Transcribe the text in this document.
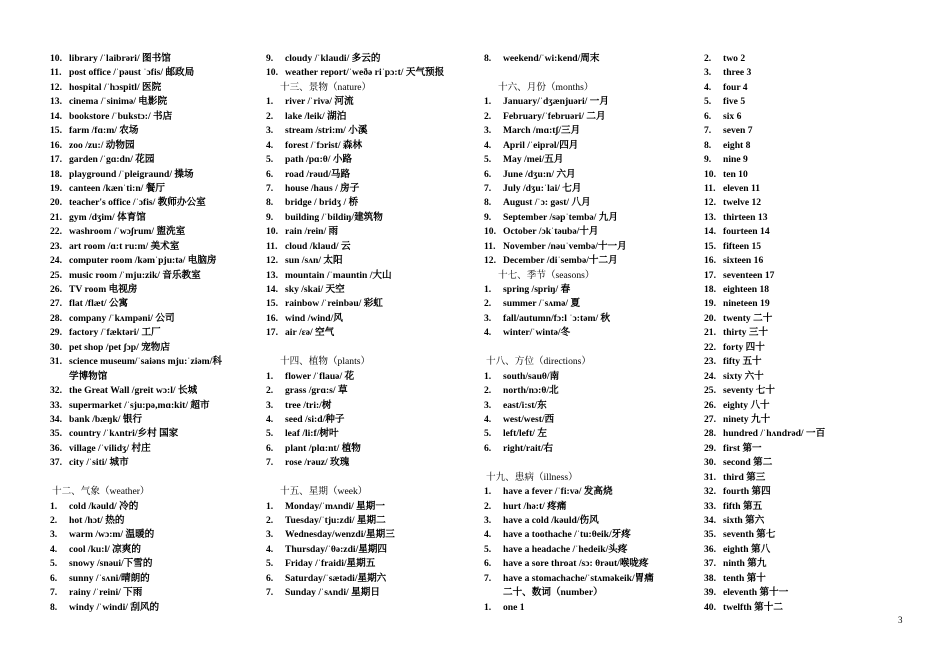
10. library /ˈlaibrəri/ 图书馆
11. post office /ˈpəust ˈɔfis/ 邮政局
12. hospital /ˈhɔspitl/ 医院
13. cinema /ˈsinimə/ 电影院
14. bookstore /ˈbukstɔ:/ 书店
15. farm /fɑ:m/ 农场
16. zoo /zu:/ 动物园
17. garden /ˈgɑ:dn/ 花园
18. playground /ˈpleigraund/ 操场
19. canteen /kænˈti:n/ 餐厅
20. teacher's office /ˈɔfis/ 教师办公室
21. gym /dʒim/ 体育馆
22. washroom /ˈwɔʃrum/ 盥洗室
23. art room /ɑ:t ru:m/ 美术室
24. computer room /kəmˈpju:tə/ 电脑房
25. music room /ˈmju:zik/ 音乐教室
26. TV room 电视房
27. flat /flæt/ 公寓
28. company /ˈkʌmpəni/ 公司
29. factory /ˈfæktəri/ 工厂
30. pet shop /pet ʃɔp/ 宠物店
31. science museum/ˈsaiəns mju:ˈziəm/科
学博物馆
32. the Great Wall /greit wɔ:l/ 长城
33. supermarket /ˈsju:pə,mɑ:kit/ 超市
34. bank /bæŋk/ 银行
35. country /ˈkʌntri/乡村 国家
36. village /ˈvilidʒ/ 村庄
37. city /ˈsiti/ 城市
十二、气象（weather）
1. cold /kəuld/ 冷的
2. hot /hɔt/ 热的
3. warm /wɔ:m/ 温暖的
4. cool /ku:l/ 凉爽的
5. snowy /snəui/下雪的
6. sunny /ˈsʌni/晴朗的
7. rainy /ˈreini/ 下雨
8. windy /ˈwindi/ 刮风的
9. cloudy /ˈklaudi/ 多云的
10. weather report/ˈweðə riˈpɔ:t/ 天气预报
十三、景物（nature）
1. river /ˈrivə/ 河流
2. lake /leik/ 湖泊
3. stream /stri:m/ 小溪
4. forest /ˈfɔrist/ 森林
5. path /pɑ:θ/ 小路
6. road /rəud/马路
7. house /haus / 房子
8. bridge / bridʒ / 桥
9. building /ˈbildiŋ/建筑物
10. rain /rein/ 雨
11. cloud /klaud/ 云
12. sun /sʌn/ 太阳
13. mountain /ˈmauntin /大山
14. sky /skai/ 天空
15. rainbow /ˈreinbəu/ 彩虹
16. wind /wind/风
17. air /ɛə/ 空气
十四、植物（plants）
1. flower /ˈflauə/ 花
2. grass /grɑ:s/ 草
3. tree /tri:/树
4. seed /si:d/种子
5. leaf /li:f/树叶
6. plant /plɑ:nt/ 植物
7. rose /rəuz/ 玫瑰
十五、星期（week）
1. Monday/ˈmʌndi/ 星期一
2. Tuesday/ˈtju:zdi/ 星期二
3. Wednesday/wenzdi/星期三
4. Thursday/ˈθə:zdi/星期四
5. Friday /ˈfraidi/星期五
6. Saturday/ˈsætədi/星期六
7. Sunday /ˈsʌndi/ 星期日
8. weekend/ˈwi:kend/周末
十六、月份（months）
1. January/ˈdʒænjuəri/ 一月
2. February/ˈfebruəri/ 二月
3. March /mɑ:tʃ/三月
4. April /ˈeiprəl/四月
5. May /mei/五月
6. June /dʒu:n/ 六月
7. July /dʒu:ˈlai/ 七月
8. August /ˈɔ: gəst/ 八月
9. September /səpˈtembə/ 九月
10. October /ɔkˈtəubə/十月
11. November /nəuˈvembə/十一月
12. December /diˈsembə/十二月
十七、季节（seasons）
1. spring /spriŋ/ 春
2. summer /ˈsʌmə/ 夏
3. fall/autumn/fɔ:l ˈɔ:təm/ 秋
4. winter/ˈwintə/冬
十八、方位（directions）
1. south/sauθ/南
2. north/nɔ:θ/北
3. east/i:st/东
4. west/west/西
5. left/left/ 左
6. right/rait/右
十九、患病（illness）
1. have a fever /ˈfi:və/ 发高烧
2. hurt /hə:t/ 疼痛
3. have a cold /kəuld/伤风
4. have a toothache /ˈtu:θeik/牙疼
5. have a headache /ˈhedeik/头疼
6. have a sore throat /sɔ: θrəut/喉咙疼
7. have a stomachache/ˈstʌməkeik/胃痛
二十、数词（number）
1. one 1
2. two 2
3. three 3
4. four 4
5. five 5
6. six 6
7. seven 7
8. eight 8
9. nine 9
10. ten 10
11. eleven 11
12. twelve 12
13. thirteen 13
14. fourteen 14
15. fifteen 15
16. sixteen 16
17. seventeen 17
18. eighteen 18
19. nineteen 19
20. twenty 二十
21. thirty 三十
22. forty 四十
23. fifty 五十
24. sixty 六十
25. seventy 七十
26. eighty 八十
27. ninety 九十
28. hundred /ˈhʌndrəd/ 一百
29. first 第一
30. second 第二
31. third 第三
32. fourth 第四
33. fifth 第五
34. sixth 第六
35. seventh 第七
36. eighth 第八
37. ninth 第九
38. tenth 第十
39. eleventh 第十一
40. twelfth 第十二
3
